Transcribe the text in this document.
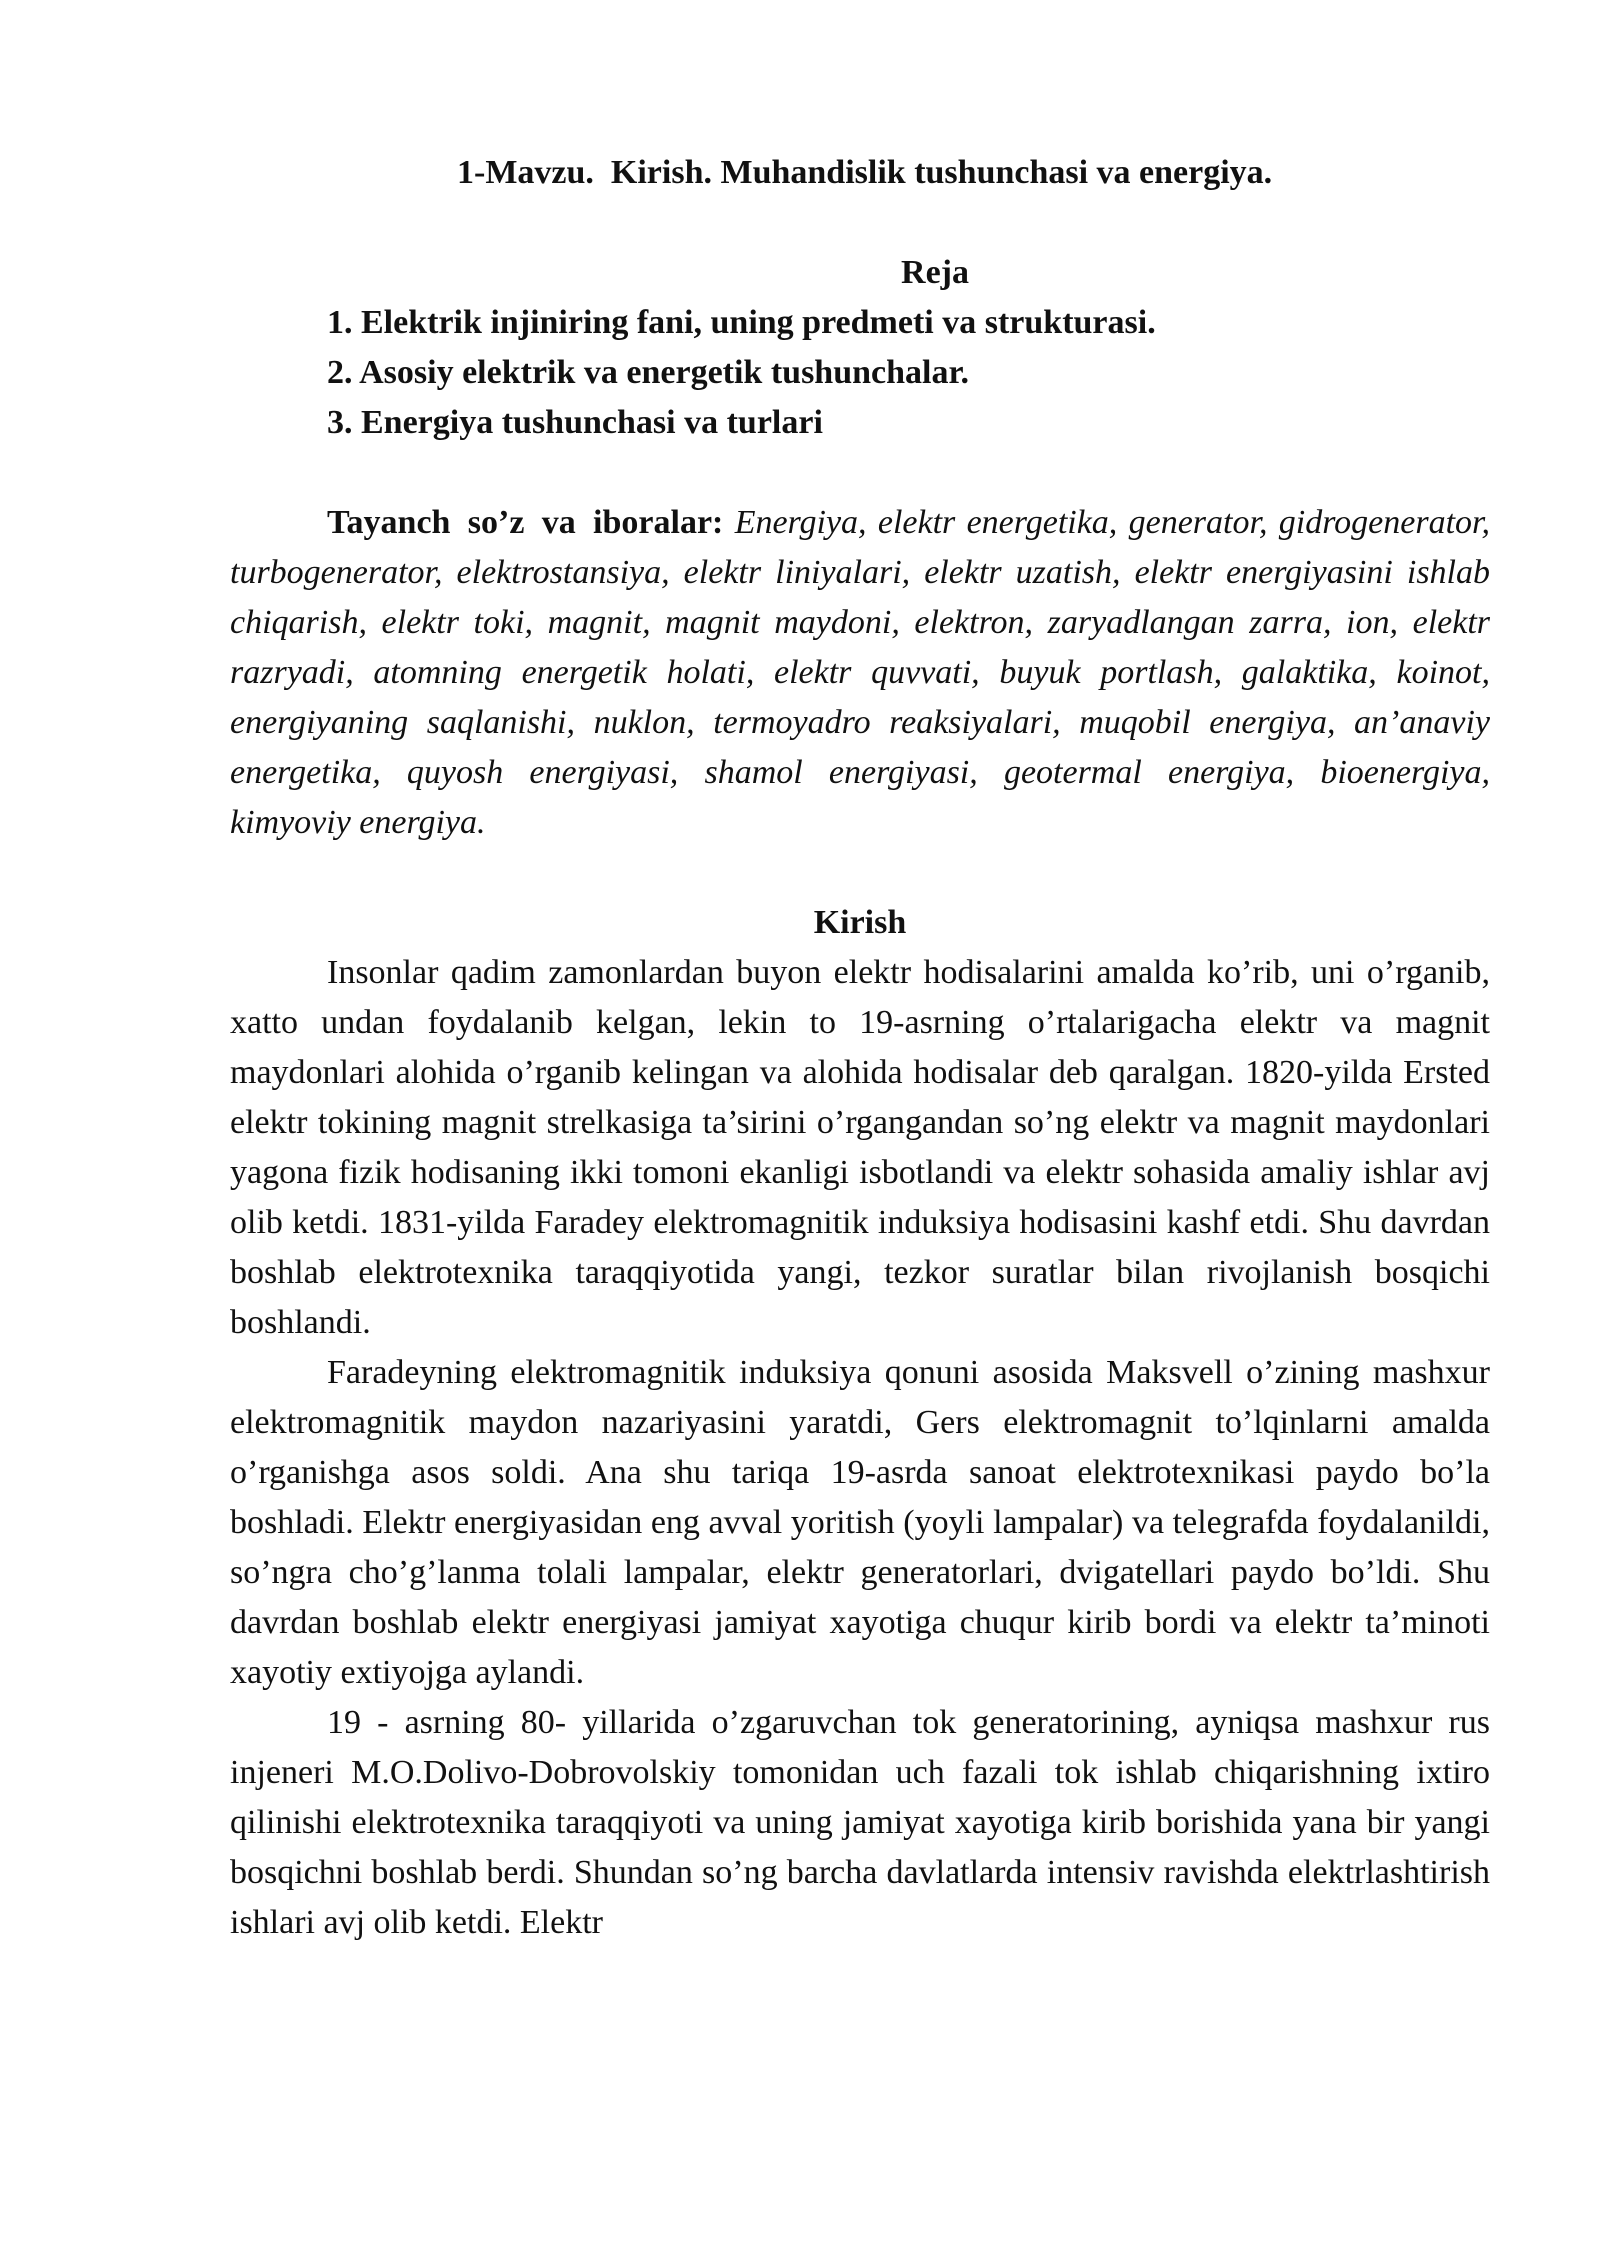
1-Mavzu.  Kirish. Muhandislik tushunchasi va energiya.
Reja
1. Elektrik injiniring fani, uning predmeti va strukturasi.
2. Asosiy elektrik va energetik tushunchalar.
3. Energiya tushunchasi va turlari

Tayanch so’z va iboralar: Energiya, elektr energetika, generator, gidrogenerator, turbogenerator, elektrostansiya, elektr liniyalari, elektr uzatish, elektr energiyasini ishlab chiqarish, elektr toki, magnit, magnit maydoni, elektron, zaryadlangan zarra, ion, elektr razryadi, atomning energetik holati, elektr quvvati, buyuk portlash, galaktika, koinot, energiyaning saqlanishi, nuklon, termoyadro reaksiyalari, muqobil energiya, an’anaviy energetika, quyosh energiyasi, shamol energiyasi, geotermal energiya, bioenergiya, kimyoviy energiya.

Kirish

Insonlar qadim zamonlardan buyon elektr hodisalarini amalda ko’rib, uni o’rganib, xatto undan foydalanib kelgan, lekin to 19-asrning o’rtalarigacha elektr va magnit maydonlari alohida o’rganib kelingan va alohida hodisalar deb qaralgan. 1820-yilda Ersted elektr tokining magnit strelkasiga ta’sirini o’rgangandan so’ng elektr va magnit maydonlari yagona fizik hodisaning ikki tomoni ekanligi isbotlandi va elektr sohasida amaliy ishlar avj olib ketdi. 1831-yilda Faradey elektromagnitik induksiya hodisasini kashf etdi. Shu davrdan boshlab elektrotexnika taraqqiyotida yangi, tezkor suratlar bilan rivojlanish bosqichi boshlandi.

Faradeyning elektromagnitik induksiya qonuni asosida Maksvell o’zining mashxur elektromagnitik maydon nazariyasini yaratdi, Gers elektromagnit to’lqinlarni amalda o’rganishga asos soldi. Ana shu tariqa 19-asrda sanoat elektrotexnikasi paydo bo’la boshladi. Elektr energiyasidan eng avval yoritish (yoyli lampalar) va telegrafda foydalanildi, so’ngra cho’g’lanma tolali lampalar, elektr generatorlari, dvigatellari paydo bo’ldi. Shu davrdan boshlab elektr energiyasi jamiyat xayotiga chuqur kirib bordi va elektr ta’minoti xayotiy extiyojga aylandi.

19 - asrning 80- yillarida o’zgaruvchan tok generatorining, ayniqsa mashxur rus injeneri M.O.Dolivo-Dobrovolskiy tomonidan uch fazali tok ishlab chiqarishning ixtiro qilinishi elektrotexnika taraqqiyoti va uning jamiyat xayotiga kirib borishida yana bir yangi bosqichni boshlab berdi. Shundan so’ng barcha davlatlarda intensiv ravishda elektrlashtirish ishlari avj olib ketdi. Elektr
